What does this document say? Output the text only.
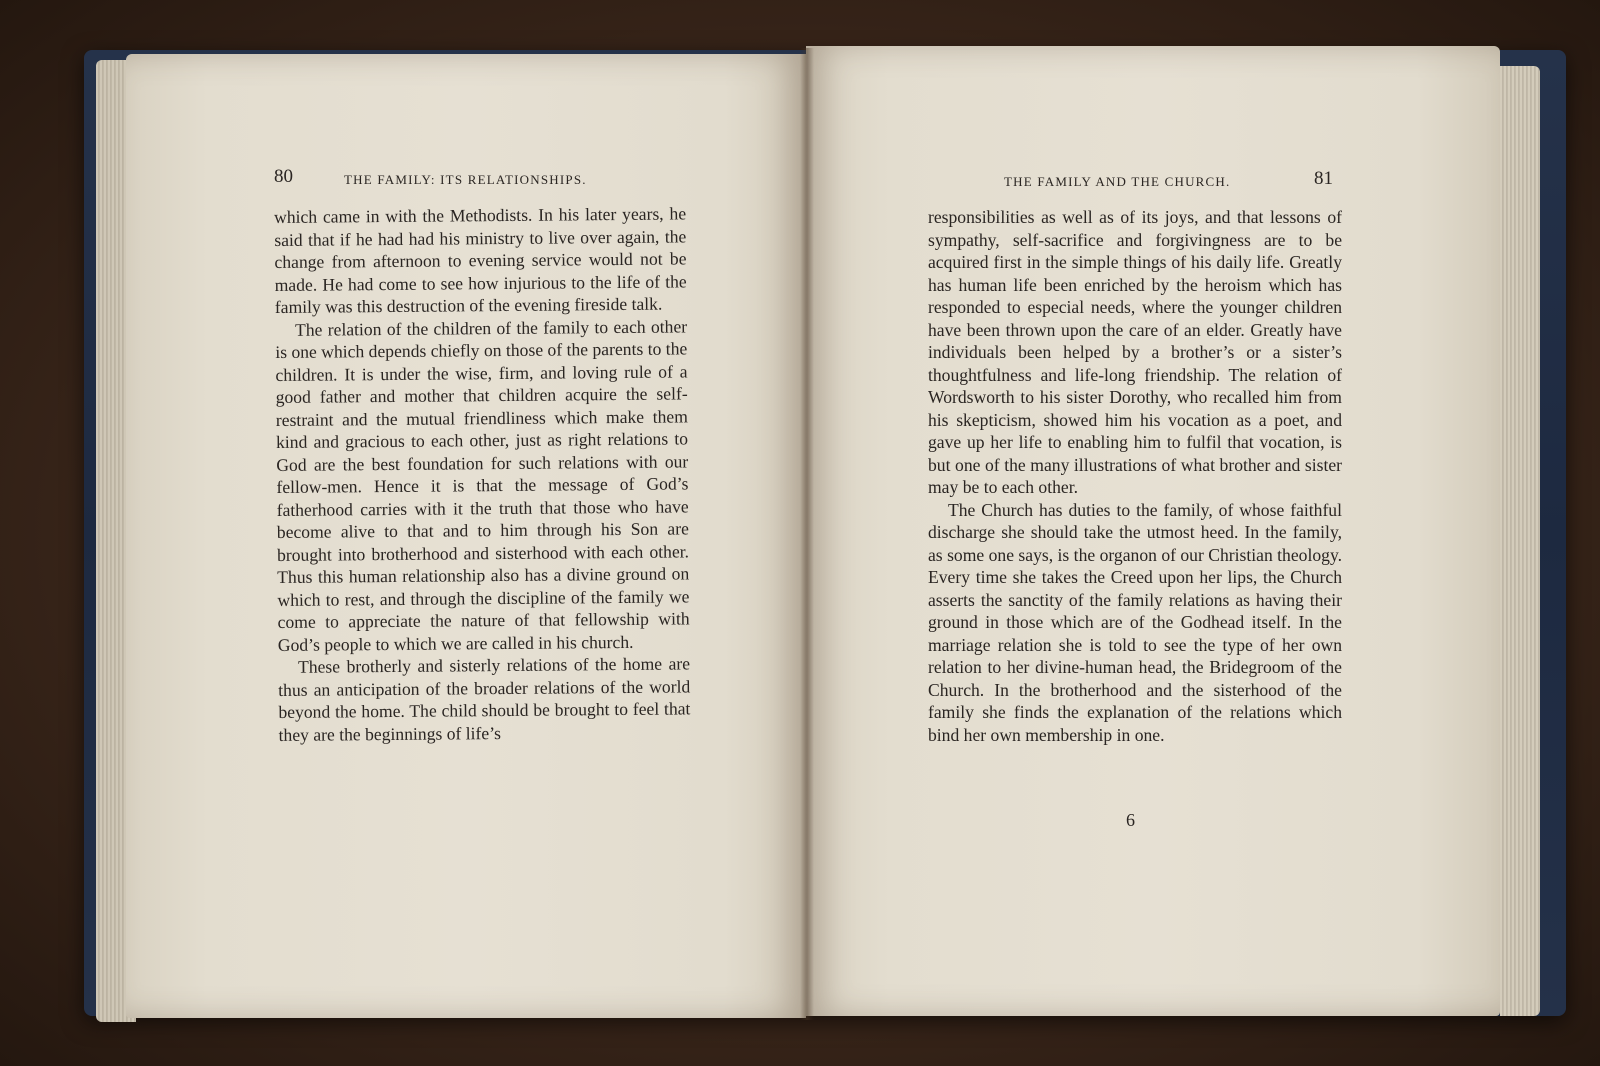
80	THE FAMILY: ITS RELATIONSHIPS.

which came in with the Methodists. In his later years, he said that if he had had his ministry to live over again, the change from afternoon to evening service would not be made. He had come to see how injurious to the life of the family was this destruction of the evening fireside talk.

The relation of the children of the family to each other is one which depends chiefly on those of the parents to the children. It is under the wise, firm, and loving rule of a good father and mother that children acquire the self-restraint and the mutual friendliness which make them kind and gracious to each other, just as right relations to God are the best foundation for such relations with our fellow-men. Hence it is that the message of God’s fatherhood carries with it the truth that those who have become alive to that and to him through his Son are brought into brotherhood and sisterhood with each other. Thus this human relationship also has a divine ground on which to rest, and through the discipline of the family we come to appreciate the nature of that fellowship with God’s people to which we are called in his church.

These brotherly and sisterly relations of the home are thus an anticipation of the broader relations of the world beyond the home. The child should be brought to feel that they are the beginnings of life’s

THE FAMILY AND THE CHURCH.	81

responsibilities as well as of its joys, and that lessons of sympathy, self-sacrifice and forgivingness are to be acquired first in the simple things of his daily life. Greatly has human life been enriched by the heroism which has responded to especial needs, where the younger children have been thrown upon the care of an elder. Greatly have individuals been helped by a brother’s or a sister’s thoughtfulness and life-long friendship. The relation of Wordsworth to his sister Dorothy, who recalled him from his skepticism, showed him his vocation as a poet, and gave up her life to enabling him to fulfil that vocation, is but one of the many illustrations of what brother and sister may be to each other.

The Church has duties to the family, of whose faithful discharge she should take the utmost heed. In the family, as some one says, is the organon of our Christian theology. Every time she takes the Creed upon her lips, the Church asserts the sanctity of the family relations as having their ground in those which are of the Godhead itself. In the marriage relation she is told to see the type of her own relation to her divine-human head, the Bridegroom of the Church. In the brotherhood and the sisterhood of the family she finds the explanation of the relations which bind her own membership in one.

6
